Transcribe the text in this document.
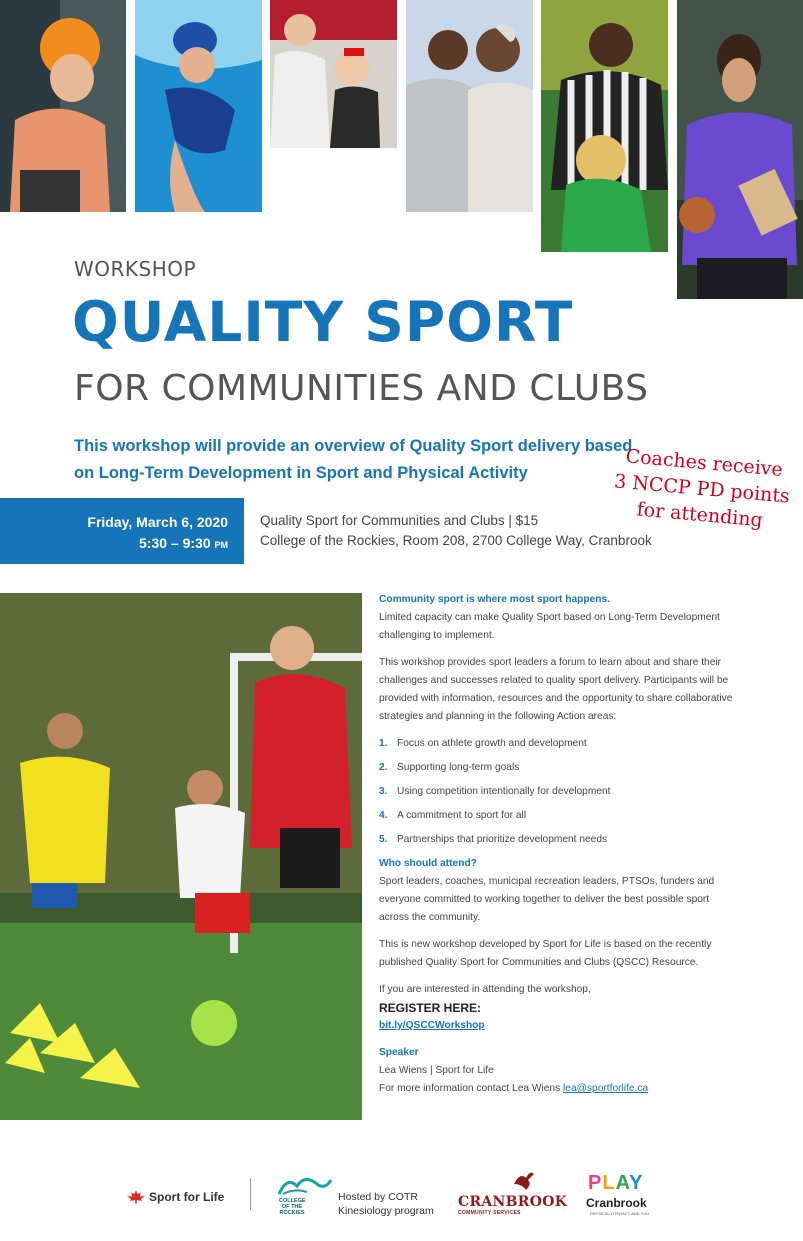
WORKSHOP
QUALITY SPORT
FOR COMMUNITIES AND CLUBS
This workshop will provide an overview of Quality Sport delivery based on Long-Term Development in Sport and Physical Activity
Friday, March 6, 2020
5:30 – 9:30 PM
Quality Sport for Communities and Clubs | $15
College of the Rockies, Room 208, 2700 College Way, Cranbrook
Coaches receive
3 NCCP PD points
for attending
Community sport is where most sport happens.

Limited capacity can make Quality Sport based on Long-Term Development challenging to implement.

This workshop provides sport leaders a forum to learn about and share their challenges and successes related to quality sport delivery. Participants will be provided with information, resources and the opportunity to share collaborative strategies and planning in the following Action areas:

1. Focus on athlete growth and development
2. Supporting long-term goals
3. Using competition intentionally for development
4. A commitment to sport for all
5. Partnerships that prioritize development needs
Who should attend?

Sport leaders, coaches, municipal recreation leaders, PTSOs, funders and everyone committed to working together to deliver the best possible sport across the community.

This is new workshop developed by Sport for Life is based on the recently published Quality Sport for Communities and Clubs (QSCC) Resource.

If you are interested in attending the workshop,
REGISTER HERE:

bit.ly/QSCCWorkshop

Speaker
Lea Wiens | Sport for Life
For more information contact Lea Wiens lea@sportforlife.ca
Sport for Life	COLLEGE OF THE ROCKIES
Hosted by COTR
Kinesiology program
CRANBROOK
COMMUNITY SERVICES
PLAY
Cranbrook
PHYSICAL LITERACY AND YOU
